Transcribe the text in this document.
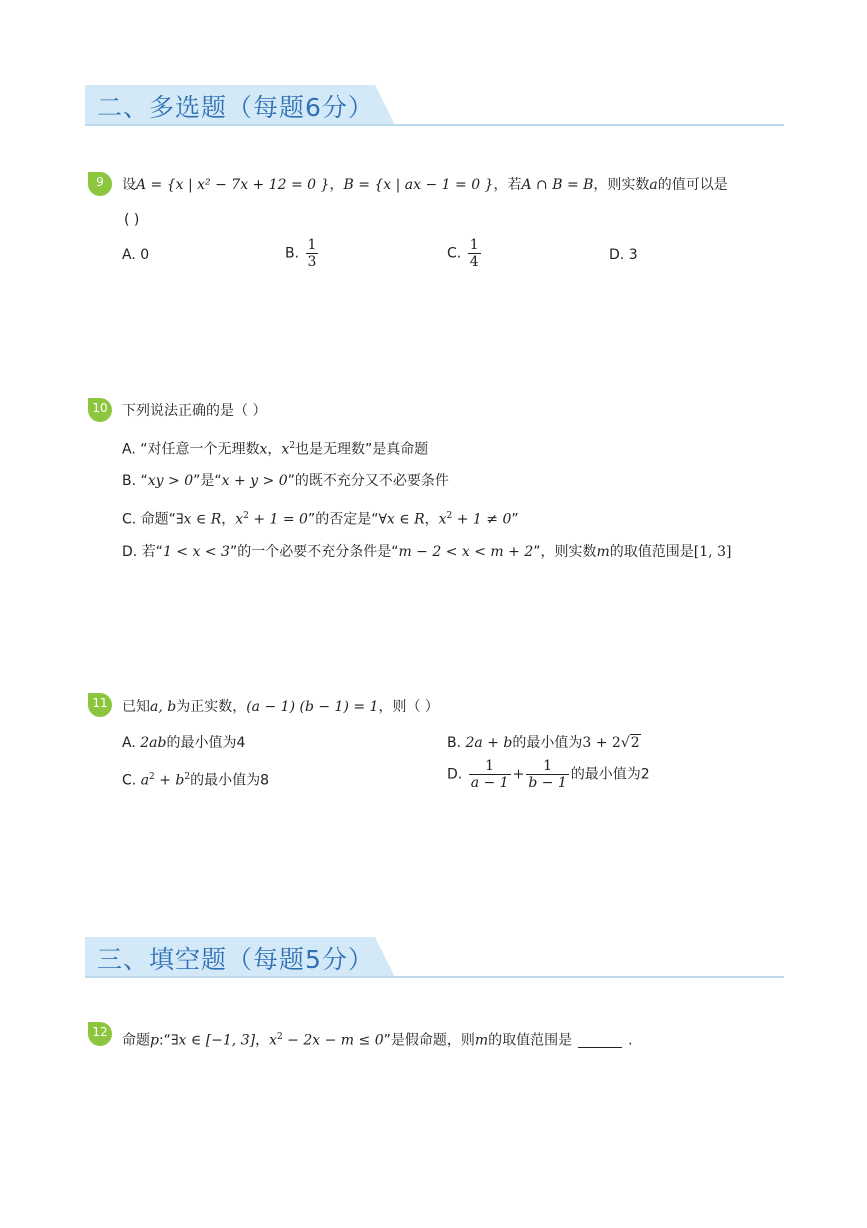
二、多选题（每题6分）
9	设A = {x | x² − 7x + 12 = 0 }，B = {x | ax − 1 = 0 }，若A ∩ B = B，则实数a的值可以是
( )
A. 0	B. $\frac{1}{3}$	C. $\frac{1}{4}$	D. 3
10	下列说法正确的是（ ）
A. “对任意一个无理数x，$x^2$也是无理数”是真命题
B. “xy > 0”是“x + y > 0”的既不充分又不必要条件
C. 命题“∃x ∈ R，$x^2 + 1 = 0$”的否定是“∀x ∈ R，$x^2 + 1 \ne 0$”
D. 若“1 < x < 3”的一个必要不充分条件是“m − 2 < x < m + 2”，则实数m的取值范围是[1, 3]
11	已知a, b为正实数，(a − 1) (b − 1) = 1，则（ ）
A. 2ab的最小值为4	B. 2a + b的最小值为3 + 2√2
C. $a^2 + b^2$的最小值为8	D. $\frac{1}{a - 1} + \frac{1}{b - 1}$ 的最小值为2
三、填空题（每题5分）
12
命题p:“∃x ∈ [−1, 3]，$x^2 - 2x - m \le 0$”是假命题，则m的取值范围是	.
